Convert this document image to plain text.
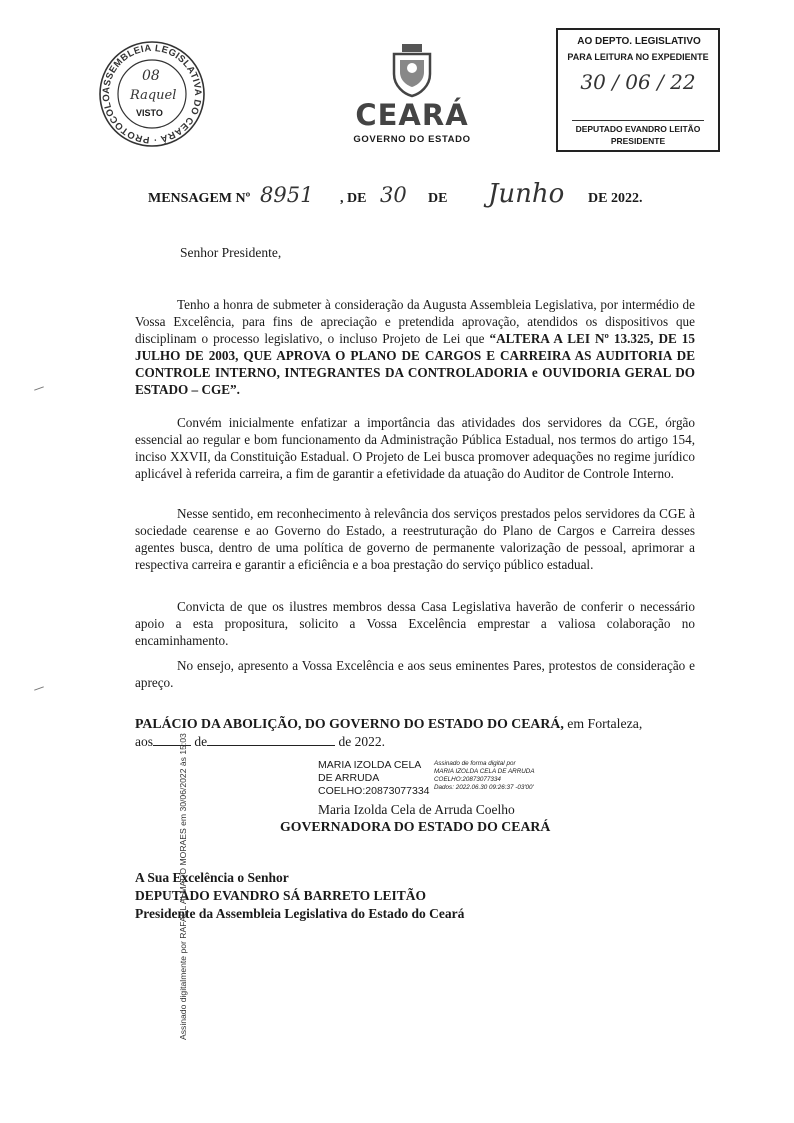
ASSEMBLEIA LEGISLATIVA DO CEARÁ · PROTOCOLO
08
Raquel
VISTO	CEARÁ
GOVERNO DO ESTADO
AO DEPTO. LEGISLATIVO
PARA LEITURA NO EXPEDIENTE
30 / 06 / 22
DEPUTADO EVANDRO LEITÃO
PRESIDENTE
MENSAGEM Nº 8951 , DE 30 DE Junho DE 2022.
Senhor Presidente,

Tenho a honra de submeter à consideração da Augusta Assembleia Legislativa, por intermédio de Vossa Excelência, para fins de apreciação e pretendida aprovação, atendidos os dispositivos que disciplinam o processo legislativo, o incluso Projeto de Lei que “ALTERA A LEI Nº 13.325, DE 15 JULHO DE 2003, QUE APROVA O PLANO DE CARGOS E CARREIRA AS AUDITORIA DE CONTROLE INTERNO, INTEGRANTES DA CONTROLADORIA e OUVIDORIA GERAL DO ESTADO – CGE”.

Convém inicialmente enfatizar a importância das atividades dos servidores da CGE, órgão essencial ao regular e bom funcionamento da Administração Pública Estadual, nos termos do artigo 154, inciso XXVII, da Constituição Estadual. O Projeto de Lei busca promover adequações no regime jurídico aplicável à referida carreira, a fim de garantir a efetividade da atuação do Auditor de Controle Interno.

Nesse sentido, em reconhecimento à relevância dos serviços prestados pelos servidores da CGE à sociedade cearense e ao Governo do Estado, a reestruturação do Plano de Cargos e Carreira desses agentes busca, dentro de uma política de governo de permanente valorização de pessoal, aprimorar a respectiva carreira e garantir a eficiência e a boa prestação do serviço público estadual.

Convicta de que os ilustres membros dessa Casa Legislativa haverão de conferir o necessário apoio a esta propositura, solicito a Vossa Excelência emprestar a valiosa colaboração no encaminhamento.

No ensejo, apresento a Vossa Excelência e aos seus eminentes Pares, protestos de consideração e apreço.

PALÁCIO DA ABOLIÇÃO, DO GOVERNO DO ESTADO DO CEARÁ, em Fortaleza,
aos	de	de 2022.
MARIA IZOLDA CELA
DE ARRUDA
COELHO:20873077334
Assinado de forma digital por
MARIA IZOLDA CELA DE ARRUDA
COELHO:20873077334
Dados: 2022.06.30 09:26:37 -03'00'
Maria Izolda Cela de Arruda Coelho
GOVERNADORA DO ESTADO DO CEARÁ
A Sua Excelência o Senhor
DEPUTADO EVANDRO SÁ BARRETO LEITÃO
Presidente da Assembleia Legislativa do Estado do Ceará
Assinado digitalmente por RAFAEL ALMADO MORAES em 30/06/2022 às 15:03
